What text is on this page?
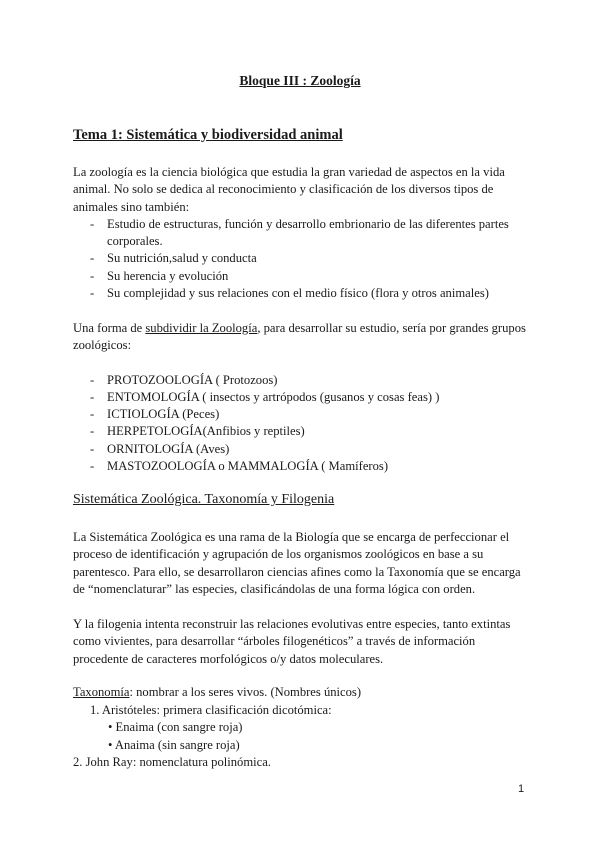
Bloque III : Zoología
Tema 1: Sistemática y biodiversidad animal
La zoología es la ciencia biológica que estudia la gran variedad de aspectos en la vida animal. No solo se dedica al reconocimiento y clasificación de los diversos tipos de animales sino también:
- Estudio de estructuras, función y desarrollo embrionario de las diferentes partes
corporales.
-Su nutrición,salud y conducta
- Su herencia y evolución
- Su complejidad y sus relaciones con el medio físico (flora y otros animales)
Una forma de subdividir la Zoología, para desarrollar su estudio, sería por grandes grupos zoológicos:
- PROTOZOOLOGÍA ( Protozoos)
- ENTOMOLOGÍA ( insectos y artrópodos (gusanos y cosas feas) )
-ICTIOLOGÍA (Peces)
-HERPETOLOGÍA(Anfibios y reptiles)
-ORNITOLOGÍA (Aves)
- MASTOZOOLOGÍA o MAMMALOGÍA ( Mamíferos)
Sistemática Zoológica. Taxonomía y Filogenia
La Sistemática Zoológica es una rama de la Biología que se encarga de perfeccionar el proceso de identificación y agrupación de los organismos zoológicos en base a su parentesco. Para ello, se desarrollaron ciencias afines como la Taxonomía que se encarga de “nomenclaturar” las especies, clasificándolas de una forma lógica con orden.
Y la filogenia intenta reconstruir las relaciones evolutivas entre especies, tanto extintas como vivientes, para desarrollar “árboles filogenéticos” a través de información procedente de caracteres morfológicos o/y datos moleculares.
Taxonomía: nombrar a los seres vivos. (Nombres únicos)
1. Aristóteles: primera clasificación dicotómica:
• Enaima (con sangre roja)
• Anaima (sin sangre roja)
2. John Ray: nomenclatura polinómica.
1
